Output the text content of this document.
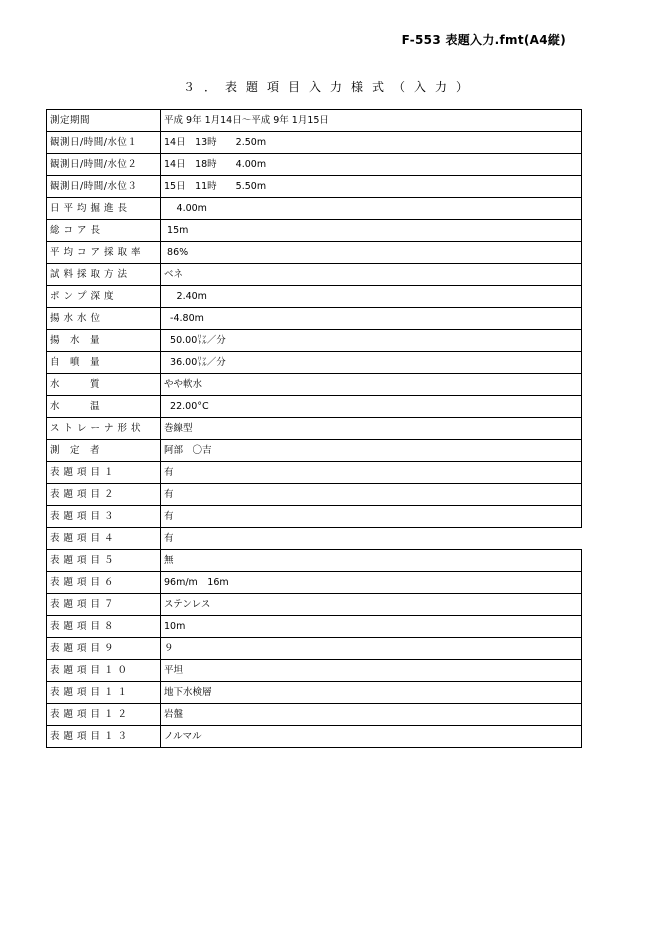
F-553 表題入力.fmt(A4縦)
３．表題項目入力様式（入力）
測定期間	平成 9年 1月14日～平成 9年 1月15日
観測日/時間/水位１	14日　13時　　2.50m
観測日/時間/水位２	14日　18時　　4.00m
観測日/時間/水位３	15日　11時　　5.50m
日平均掘進長	　 4.00m
総コア長	15m
平均コア採取率	86%
試料採取方法	ベネ
ポンプ深度	　 2.40m
揚水水位	-4.80m
揚　水　量	50.00㍑／分
自　噴　量	36.00㍑／分
水　　　質	やや軟水
水　　　温	22.00°C
ストレーナ形状	巻線型
測　定　者	阿部　〇吉
表題項目１	有
表題項目２	有
表題項目３	有
表題項目４	有
表題項目５	無
表題項目６	96m/m　16m
表題項目７	ステンレス
表題項目８	10m
表題項目９	９
表題項目１０	平坦
表題項目１１	地下水検層
表題項目１２	岩盤
表題項目１３	ノルマル
